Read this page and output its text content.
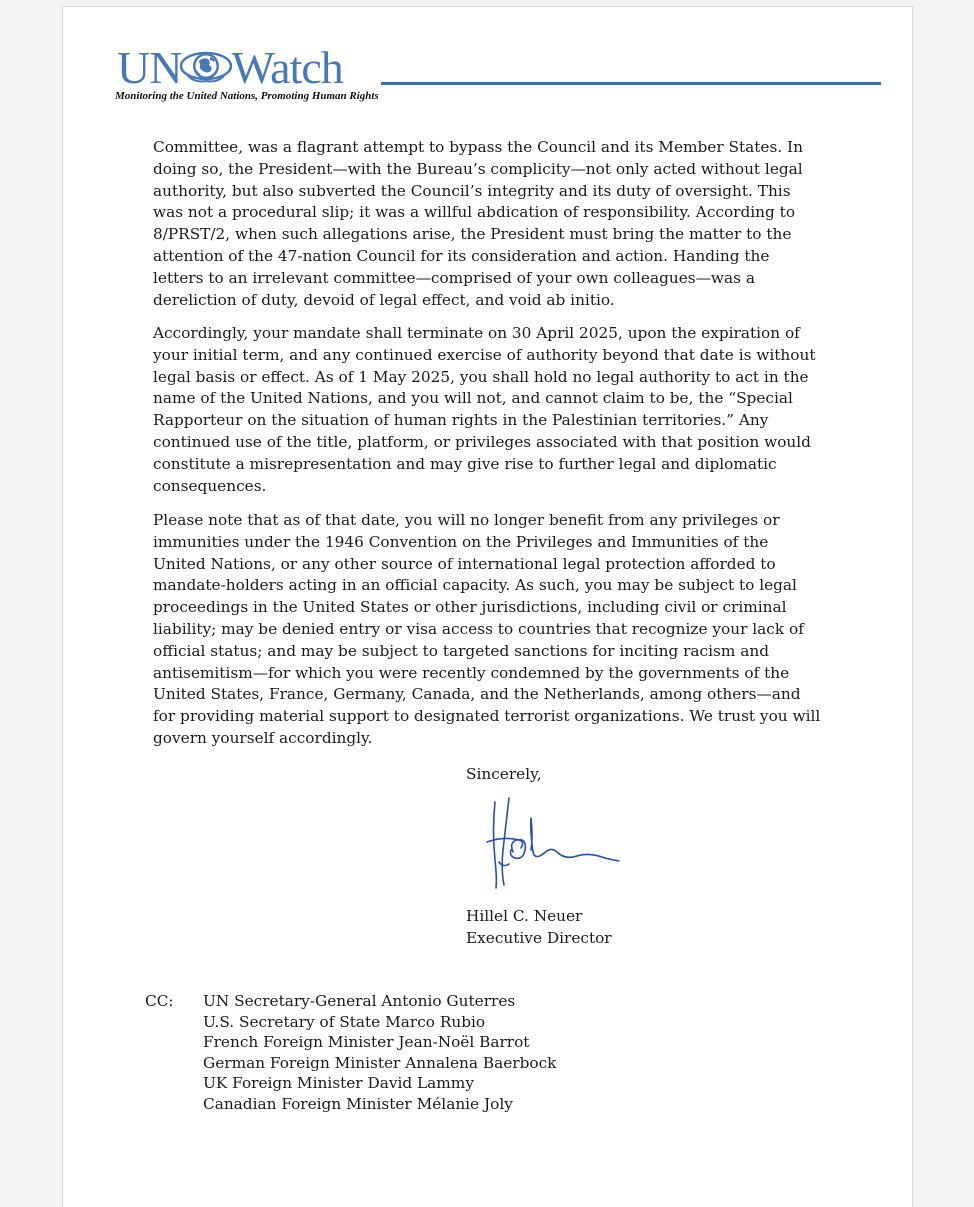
UN Watch
Monitoring the United Nations, Promoting Human Rights

Committee, was a flagrant attempt to bypass the Council and its Member States. In doing so, the President—with the Bureau’s complicity—not only acted without legal authority, but also subverted the Council’s integrity and its duty of oversight. This was not a procedural slip; it was a willful abdication of responsibility. According to 8/PRST/2, when such allegations arise, the President must bring the matter to the attention of the 47-nation Council for its consideration and action. Handing the letters to an irrelevant committee—comprised of your own colleagues—was a dereliction of duty, devoid of legal effect, and void ab initio.

Accordingly, your mandate shall terminate on 30 April 2025, upon the expiration of your initial term, and any continued exercise of authority beyond that date is without legal basis or effect. As of 1 May 2025, you shall hold no legal authority to act in the name of the United Nations, and you will not, and cannot claim to be, the “Special Rapporteur on the situation of human rights in the Palestinian territories.” Any continued use of the title, platform, or privileges associated with that position would constitute a misrepresentation and may give rise to further legal and diplomatic consequences.

Please note that as of that date, you will no longer benefit from any privileges or immunities under the 1946 Convention on the Privileges and Immunities of the United Nations, or any other source of international legal protection afforded to mandate-holders acting in an official capacity. As such, you may be subject to legal proceedings in the United States or other jurisdictions, including civil or criminal liability; may be denied entry or visa access to countries that recognize your lack of official status; and may be subject to targeted sanctions for inciting racism and antisemitism—for which you were recently condemned by the governments of the United States, France, Germany, Canada, and the Netherlands, among others—and for providing material support to designated terrorist organizations. We trust you will govern yourself accordingly.

Sincerely,
Hillel C. Neuer
Executive Director
CC: UN Secretary-General Antonio Guterres
U.S. Secretary of State Marco Rubio
French Foreign Minister Jean-Noël Barrot
German Foreign Minister Annalena Baerbock
UK Foreign Minister David Lammy
Canadian Foreign Minister Mélanie Joly
